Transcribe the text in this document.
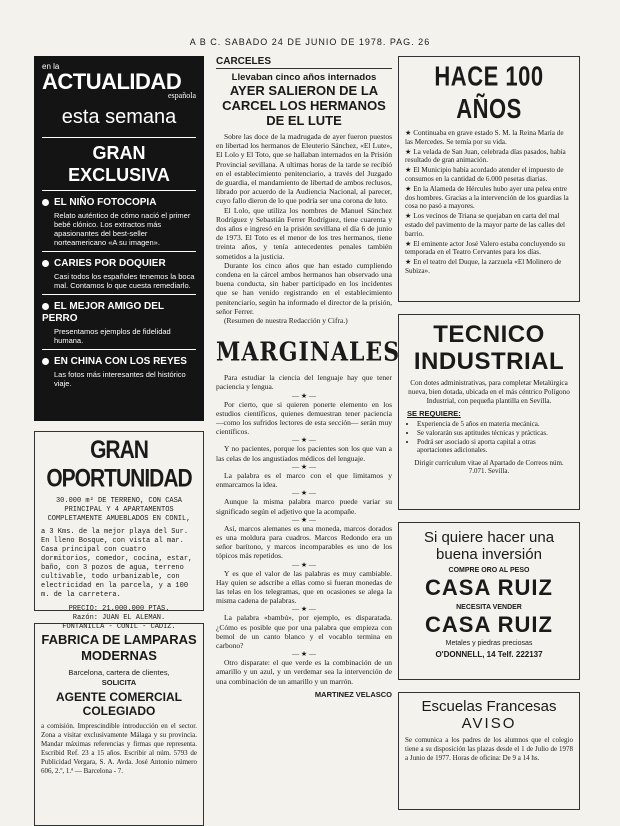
A B C. SABADO 24 DE JUNIO DE 1978. PAG. 26
en la
ACTUALIDAD
española
esta semana
GRAN EXCLUSIVA
EL NIÑO FOTOCOPIA
Relato auténtico de cómo nació el primer bebé clónico. Los extractos más apasionantes del best-seller norteamericano «A su imagen».
CARIES POR DOQUIER
Casi todos los españoles tenemos la boca mal. Contamos lo que cuesta remediarlo.
EL MEJOR AMIGO DEL PERRO
Presentamos ejemplos de fidelidad humana.
EN CHINA CON LOS REYES
Las fotos más interesantes del histórico viaje.
GRAN OPORTUNIDAD
30.000 m² DE TERRENO, CON CASA PRINCIPAL Y 4 APARTAMENTOS COMPLETAMENTE AMUEBLADOS EN CONIL,
a 3 Kms. de la mejor playa del Sur. En lleno Bosque, con vista al mar. Casa principal con cuatro dormitorios, comedor, cocina, estar, baño, con 3 pozos de agua, terreno cultivable, todo urbanizable, con electricidad en la parcela, y a 100 m. de la carretera.
PRECIO: 21.000.000 PTAS.
Razón: JUAN EL ALEMAN.
FONTANILLA - CONIL - CADIZ.
FABRICA DE LAMPARAS MODERNAS
Barcelona, cartera de clientes,
SOLICITA
AGENTE COMERCIAL COLEGIADO
a comisión. Imprescindible introducción en el sector. Zona a visitar exclusivamente Málaga y su provincia. Mandar máximas referencias y firmas que representa. Escribid Ref. 23 a 15 años. Escribir al núm. 5793 de Publicidad Vergara, S. A. Avda. José Antonio número 606, 2.º, 1.ª — Barcelona - 7.
CARCELES
Llevaban cinco años internados
AYER SALIERON DE LA CARCEL LOS HERMANOS DE EL LUTE

Sobre las doce de la madrugada de ayer fueron puestos en libertad los hermanos de Eleuterio Sánchez, «El Lute», El Lolo y El Toto, que se hallaban internados en la Prisión Provincial sevillana. A ultimas horas de la tarde se recibió en el establecimiento penitenciario, a través del Juzgado de guardia, el mandamiento de libertad de ambos reclusos, librado por acuerdo de la Audiencia Nacional, al parecer, cuyo fallo dieron de lo que podría ser una corona de luto.

El Lolo, que utiliza los nombres de Manuel Sánchez Rodríguez y Sebastián Ferrer Rodríguez, tiene cuarenta y dos años e ingresó en la prisión sevillana el día 6 de junio de 1973. El Toto es el menor de los tres hermanos, tiene treinta años, y tenía antecedentes penales también sometidos a la justicia.

Durante los cinco años que han estado cumpliendo condena en la cárcel ambos hermanos han observado una buena conducta, sin haber participado en los incidentes que se han venido registrando en el establecimiento penitenciario, según ha informado el director de la prisión, señor Ferrer.

(Resumen de nuestra Redacción y Cifra.)

MARGINALES

Para estudiar la ciencia del lenguaje hay que tener paciencia y lengua.

— ★ —

Por cierto, que si quieren ponerte elemento en los estudios científicos, quienes demuestran tener paciencia —como los sufridos lectores de esta sección— serán muy científicos.

— ★ —

Y no pacientes, porque los pacientes son los que van a las celas de los angustiados médicos del lenguaje.

— ★ —

La palabra es el marco con el que limitamos y enmarcamos la idea.

— ★ —

Aunque la misma palabra marco puede variar su significado según el adjetivo que la acompañe.

— ★ —

Así, marcos alemanes es una moneda, marcos dorados es una moldura para cuadros. Marcos Redondo era un señor barítono, y marcos incomparables es uno de los tópicos más repetidos.

— ★ —

Y es que el valor de las palabras es muy cambiable. Hay quien se adscribe a ellas como si fueran monedas de las telas en los telegramas, que en ocasiones se alega la misma cadena de palabras.

— ★ —

La palabra «bambú», por ejemplo, es disparatada. ¿Cómo es posible que por una palabra que empieza con bemol de un canto blanco y el vocablo termina en carbono?

— ★ —

Otro disparate: el que verde es la combinación de un amarillo y un azul, y un verdemar sea la intervención de una combinación de un amarillo y un marrón.

MARTINEZ VELASCO
HACE 100 AÑOS
★ Continuaba en grave estado S. M. la Reina María de las Mercedes. Se temía por su vida.
★ La velada de San Juan, celebrada días pasados, había resultado de gran animación.
★ El Municipio había acordado atender el impuesto de consumos en la cantidad de 6.000 pesetas diarias.
★ En la Alameda de Hércules hubo ayer una pelea entre dos hombres. Gracias a la intervención de los guardias la cosa no pasó a mayores.
★ Los vecinos de Triana se quejaban en carta del mal estado del pavimento de la mayor parte de las calles del barrio.
★ El eminente actor José Valero estaba concluyendo su temporada en el Teatro Cervantes para los días.
★ En el teatro del Duque, la zarzuela «El Molinero de Subiza».
TECNICO INDUSTRIAL
Con dotes administrativas, para completar Metalúrgica nueva, bien dotada, ubicada en el más céntrico Polígono Industrial, con pequeña plantilla en Sevilla.
SE REQUIERE:
• Experiencia de 5 años en materia mecánica.
• Se valorarán sus aptitudes técnicas y prácticas.
• Podrá ser asociado si aporta capital a otras aportaciones adicionales.
Dirigir currículum vitae al Apartado de Correos núm. 7.071. Sevilla.
Si quiere hacer una buena inversión
COMPRE ORO AL PESO
CASA RUIZ
NECESITA VENDER
CASA RUIZ
Metales y piedras preciosas
O'DONNELL, 14 Telf. 222137
Escuelas Francesas
AVISO
Se comunica a los padres de los alumnos que el colegio tiene a su disposición las plazas desde el 1 de Julio de 1978 a Junio de 1977. Horas de oficina: De 9 a 14 hs.
